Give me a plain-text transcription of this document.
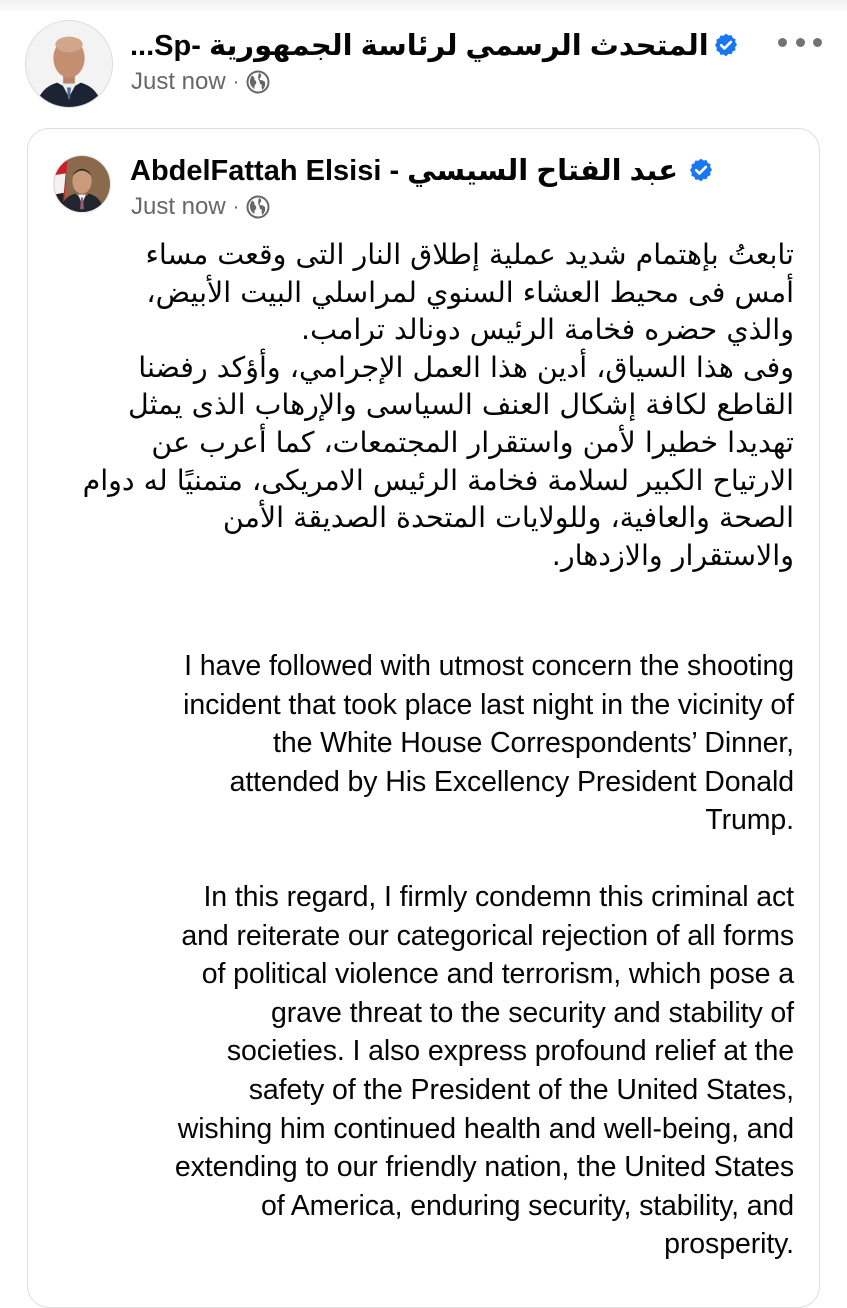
المتحدث الرسمي لرئاسة الجمهورية -Sp...
Just now ·
AbdelFattah Elsisi - عبد الفتاح السيسي
Just now ·
تابعتُ بإهتمام شديد عملية إطلاق النار التى وقعت مساء
أمس فى محيط العشاء السنوي لمراسلي البيت الأبيض،
والذي حضره فخامة الرئيس دونالد ترامب.
وفى هذا السياق، أدين هذا العمل الإجرامي، وأؤكد رفضنا
القاطع لكافة إشكال العنف السياسى والإرهاب الذى يمثل
تهديدا خطيرا لأمن واستقرار المجتمعات، كما أعرب عن
الارتياح الكبير لسلامة فخامة الرئيس الامريكى، متمنيًا له دوام
الصحة والعافية، وللولايات المتحدة الصديقة الأمن
والاستقرار والازدهار.
I have followed with utmost concern the shooting
incident that took place last night in the vicinity of
the White House Correspondents’ Dinner,
attended by His Excellency President Donald
Trump.
In this regard, I firmly condemn this criminal act
and reiterate our categorical rejection of all forms
of political violence and terrorism, which pose a
grave threat to the security and stability of
societies. I also express profound relief at the
safety of the President of the United States,
wishing him continued health and well-being, and
extending to our friendly nation, the United States
of America, enduring security, stability, and
prosperity.
